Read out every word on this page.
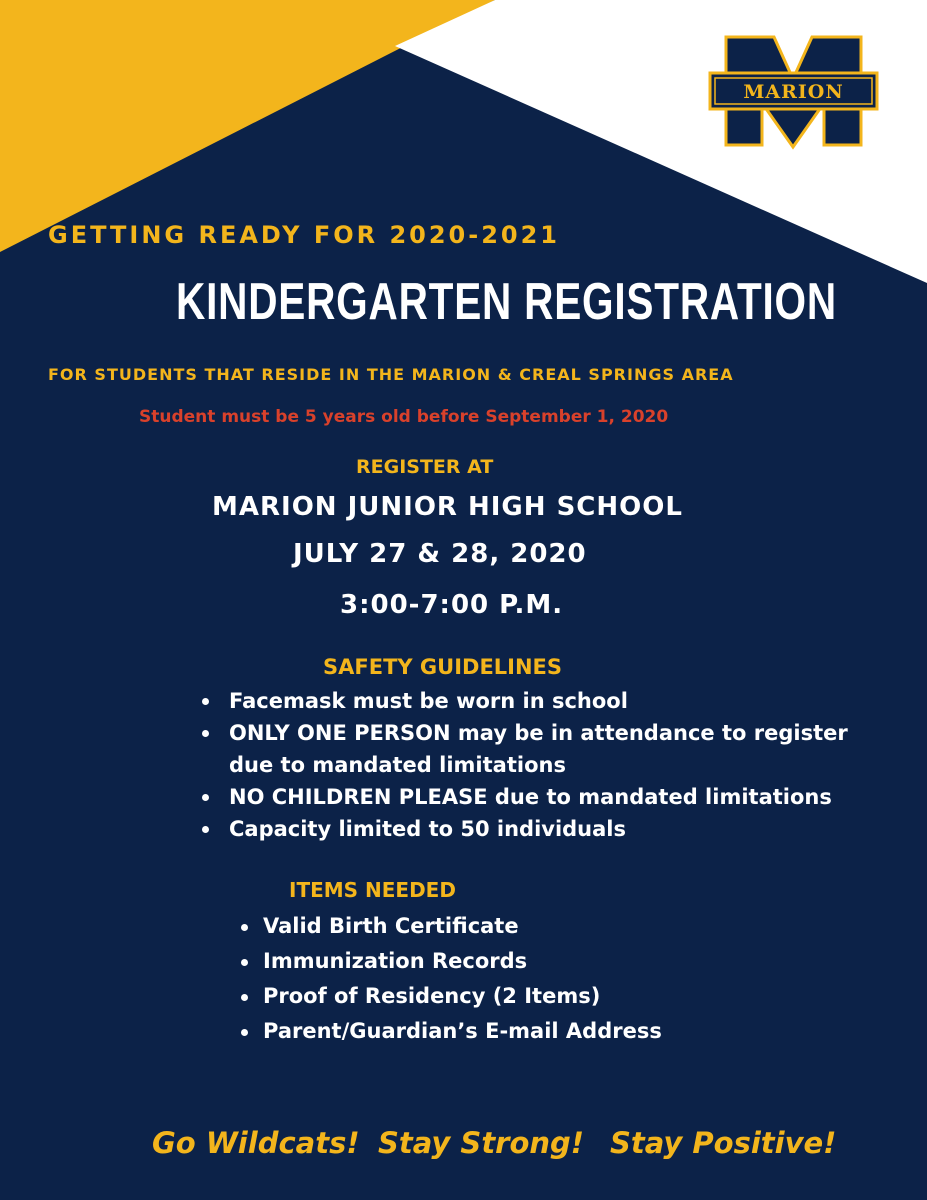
MARION

GETTING READY FOR 2020-2021

KINDERGARTEN REGISTRATION

FOR STUDENTS THAT RESIDE IN THE MARION & CREAL SPRINGS AREA

Student must be 5 years old before September 1, 2020

REGISTER AT

MARION JUNIOR HIGH SCHOOL

JULY 27 & 28, 2020

3:00-7:00 P.M.

SAFETY GUIDELINES
Facemask must be worn in school
ONLY ONE PERSON may be in attendance to register due to mandated limitations
NO CHILDREN PLEASE due to mandated limitations
Capacity limited to 50 individuals
ITEMS NEEDED
Valid Birth Certificate
Immunization Records
Proof of Residency (2 Items)
Parent/Guardian’s E-mail Address
Go Wildcats! Stay Strong! Stay Positive!
